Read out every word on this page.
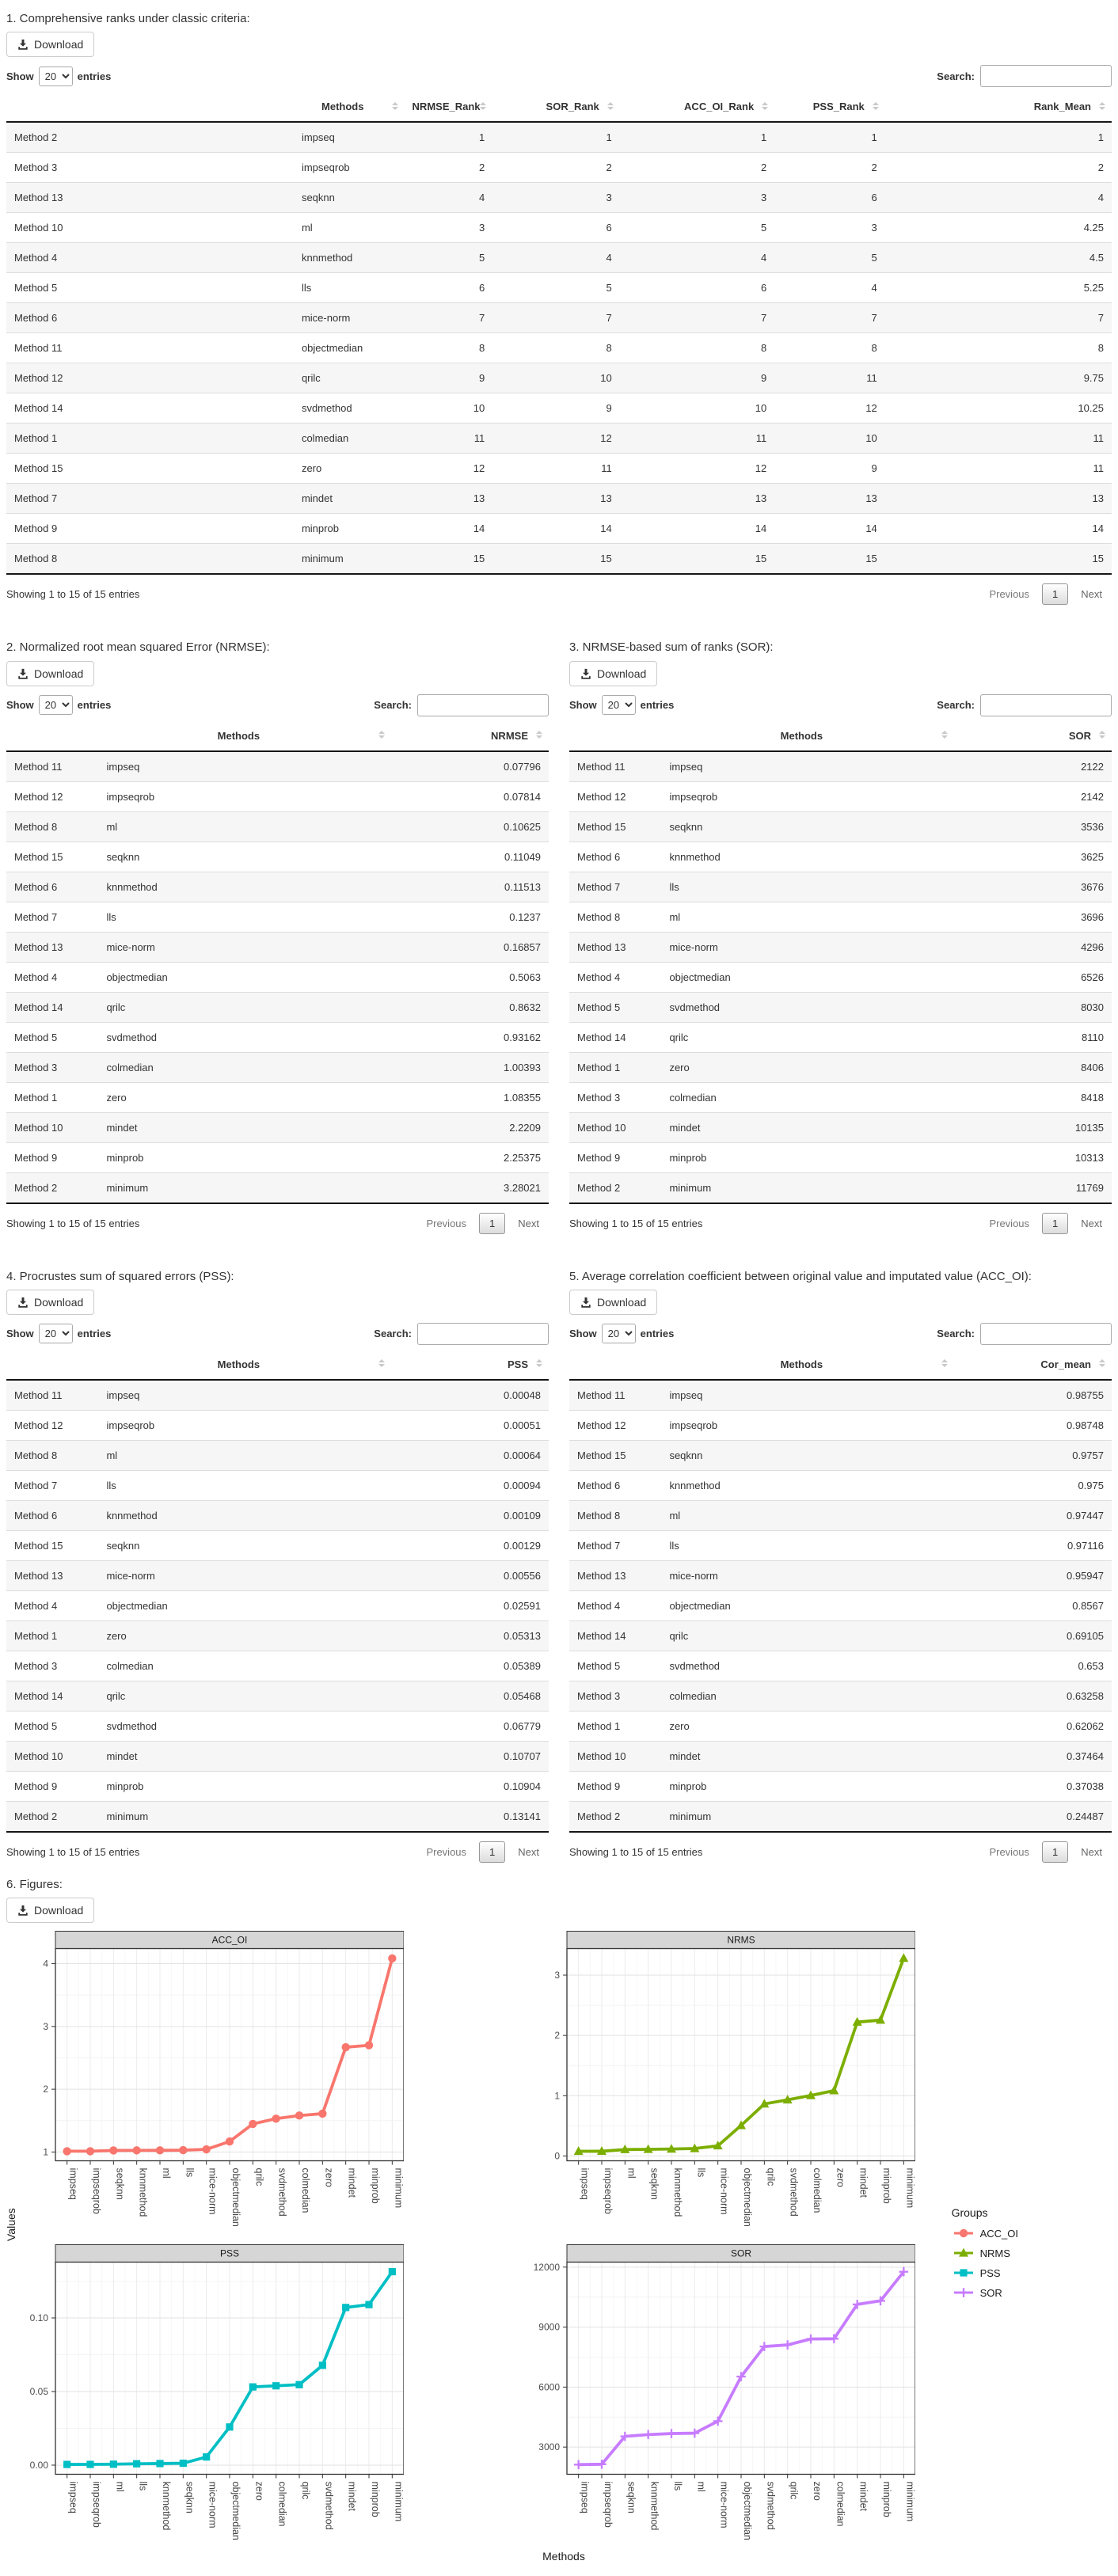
1. Comprehensive ranks under classic criteria:
Download
Show
20	entries	Search:
	Methods	NRMSE_Rank	SOR_Rank	ACC_OI_Rank	PSS_Rank	Rank_Mean

Method 2	impseq	1	1	1	1	1
Method 3	impseqrob	2	2	2	2	2
Method 13	seqknn	4	3	3	6	4
Method 10	ml	3	6	5	3	4.25
Method 4	knnmethod	5	4	4	5	4.5
Method 5	lls	6	5	6	4	5.25
Method 6	mice-norm	7	7	7	7	7
Method 11	objectmedian	8	8	8	8	8
Method 12	qrilc	9	10	9	11	9.75
Method 14	svdmethod	10	9	10	12	10.25
Method 1	colmedian	11	12	11	10	11
Method 15	zero	12	11	12	9	11
Method 7	mindet	13	13	13	13	13
Method 9	minprob	14	14	14	14	14
Method 8	minimum	15	15	15	15	15
Showing 1 to 15 of 15 entries	Previous	1	Next
2. Normalized root mean squared Error (NRMSE):
Download
Show
20	entries	Search:
	Methods	NRMSE

Method 11	impseq	0.07796
Method 12	impseqrob	0.07814
Method 8	ml	0.10625
Method 15	seqknn	0.11049
Method 6	knnmethod	0.11513
Method 7	lls	0.1237
Method 13	mice-norm	0.16857
Method 4	objectmedian	0.5063
Method 14	qrilc	0.8632
Method 5	svdmethod	0.93162
Method 3	colmedian	1.00393
Method 1	zero	1.08355
Method 10	mindet	2.2209
Method 9	minprob	2.25375
Method 2	minimum	3.28021
Showing 1 to 15 of 15 entries	Previous	1	Next
3. NRMSE-based sum of ranks (SOR):
Download
Show
20	entries	Search:
	Methods	SOR

Method 11	impseq	2122
Method 12	impseqrob	2142
Method 15	seqknn	3536
Method 6	knnmethod	3625
Method 7	lls	3676
Method 8	ml	3696
Method 13	mice-norm	4296
Method 4	objectmedian	6526
Method 5	svdmethod	8030
Method 14	qrilc	8110
Method 1	zero	8406
Method 3	colmedian	8418
Method 10	mindet	10135
Method 9	minprob	10313
Method 2	minimum	11769
Showing 1 to 15 of 15 entries	Previous	1	Next
4. Procrustes sum of squared errors (PSS):
Download
Show
20	entries	Search:
	Methods	PSS

Method 11	impseq	0.00048
Method 12	impseqrob	0.00051
Method 8	ml	0.00064
Method 7	lls	0.00094
Method 6	knnmethod	0.00109
Method 15	seqknn	0.00129
Method 13	mice-norm	0.00556
Method 4	objectmedian	0.02591
Method 1	zero	0.05313
Method 3	colmedian	0.05389
Method 14	qrilc	0.05468
Method 5	svdmethod	0.06779
Method 10	mindet	0.10707
Method 9	minprob	0.10904
Method 2	minimum	0.13141
Showing 1 to 15 of 15 entries	Previous	1	Next
5. Average correlation coefficient between original value and imputated value (ACC_OI):
Download
Show
20	entries	Search:
	Methods	Cor_mean

Method 11	impseq	0.98755
Method 12	impseqrob	0.98748
Method 15	seqknn	0.9757
Method 6	knnmethod	0.975
Method 8	ml	0.97447
Method 7	lls	0.97116
Method 13	mice-norm	0.95947
Method 4	objectmedian	0.8567
Method 14	qrilc	0.69105
Method 5	svdmethod	0.653
Method 3	colmedian	0.63258
Method 1	zero	0.62062
Method 10	mindet	0.37464
Method 9	minprob	0.37038
Method 2	minimum	0.24487
Showing 1 to 15 of 15 entries	Previous	1	Next
6. Figures:
Download
Values
ACC_OI
1
2
3
4
impseq impseqrob seqknn knnmethod ml lls mice-norm objectmedian qrilc svdmethod colmedian zero mindet minprob minimum
NRMS
0
1
2
3
impseq impseqrob ml seqknn knnmethod lls mice-norm objectmedian qrilc svdmethod colmedian zero mindet minprob minimum
PSS
0.00
0.05
0.10
impseq impseqrob ml lls knnmethod seqknn mice-norm objectmedian zero colmedian qrilc svdmethod mindet minprob minimum
SOR
3000
6000
9000
12000
impseq impseqrob seqknn knnmethod lls ml mice-norm objectmedian svdmethod qrilc zero colmedian mindet minprob minimum
Methods
Groups
ACC_OI
NRMS
PSS
SOR
